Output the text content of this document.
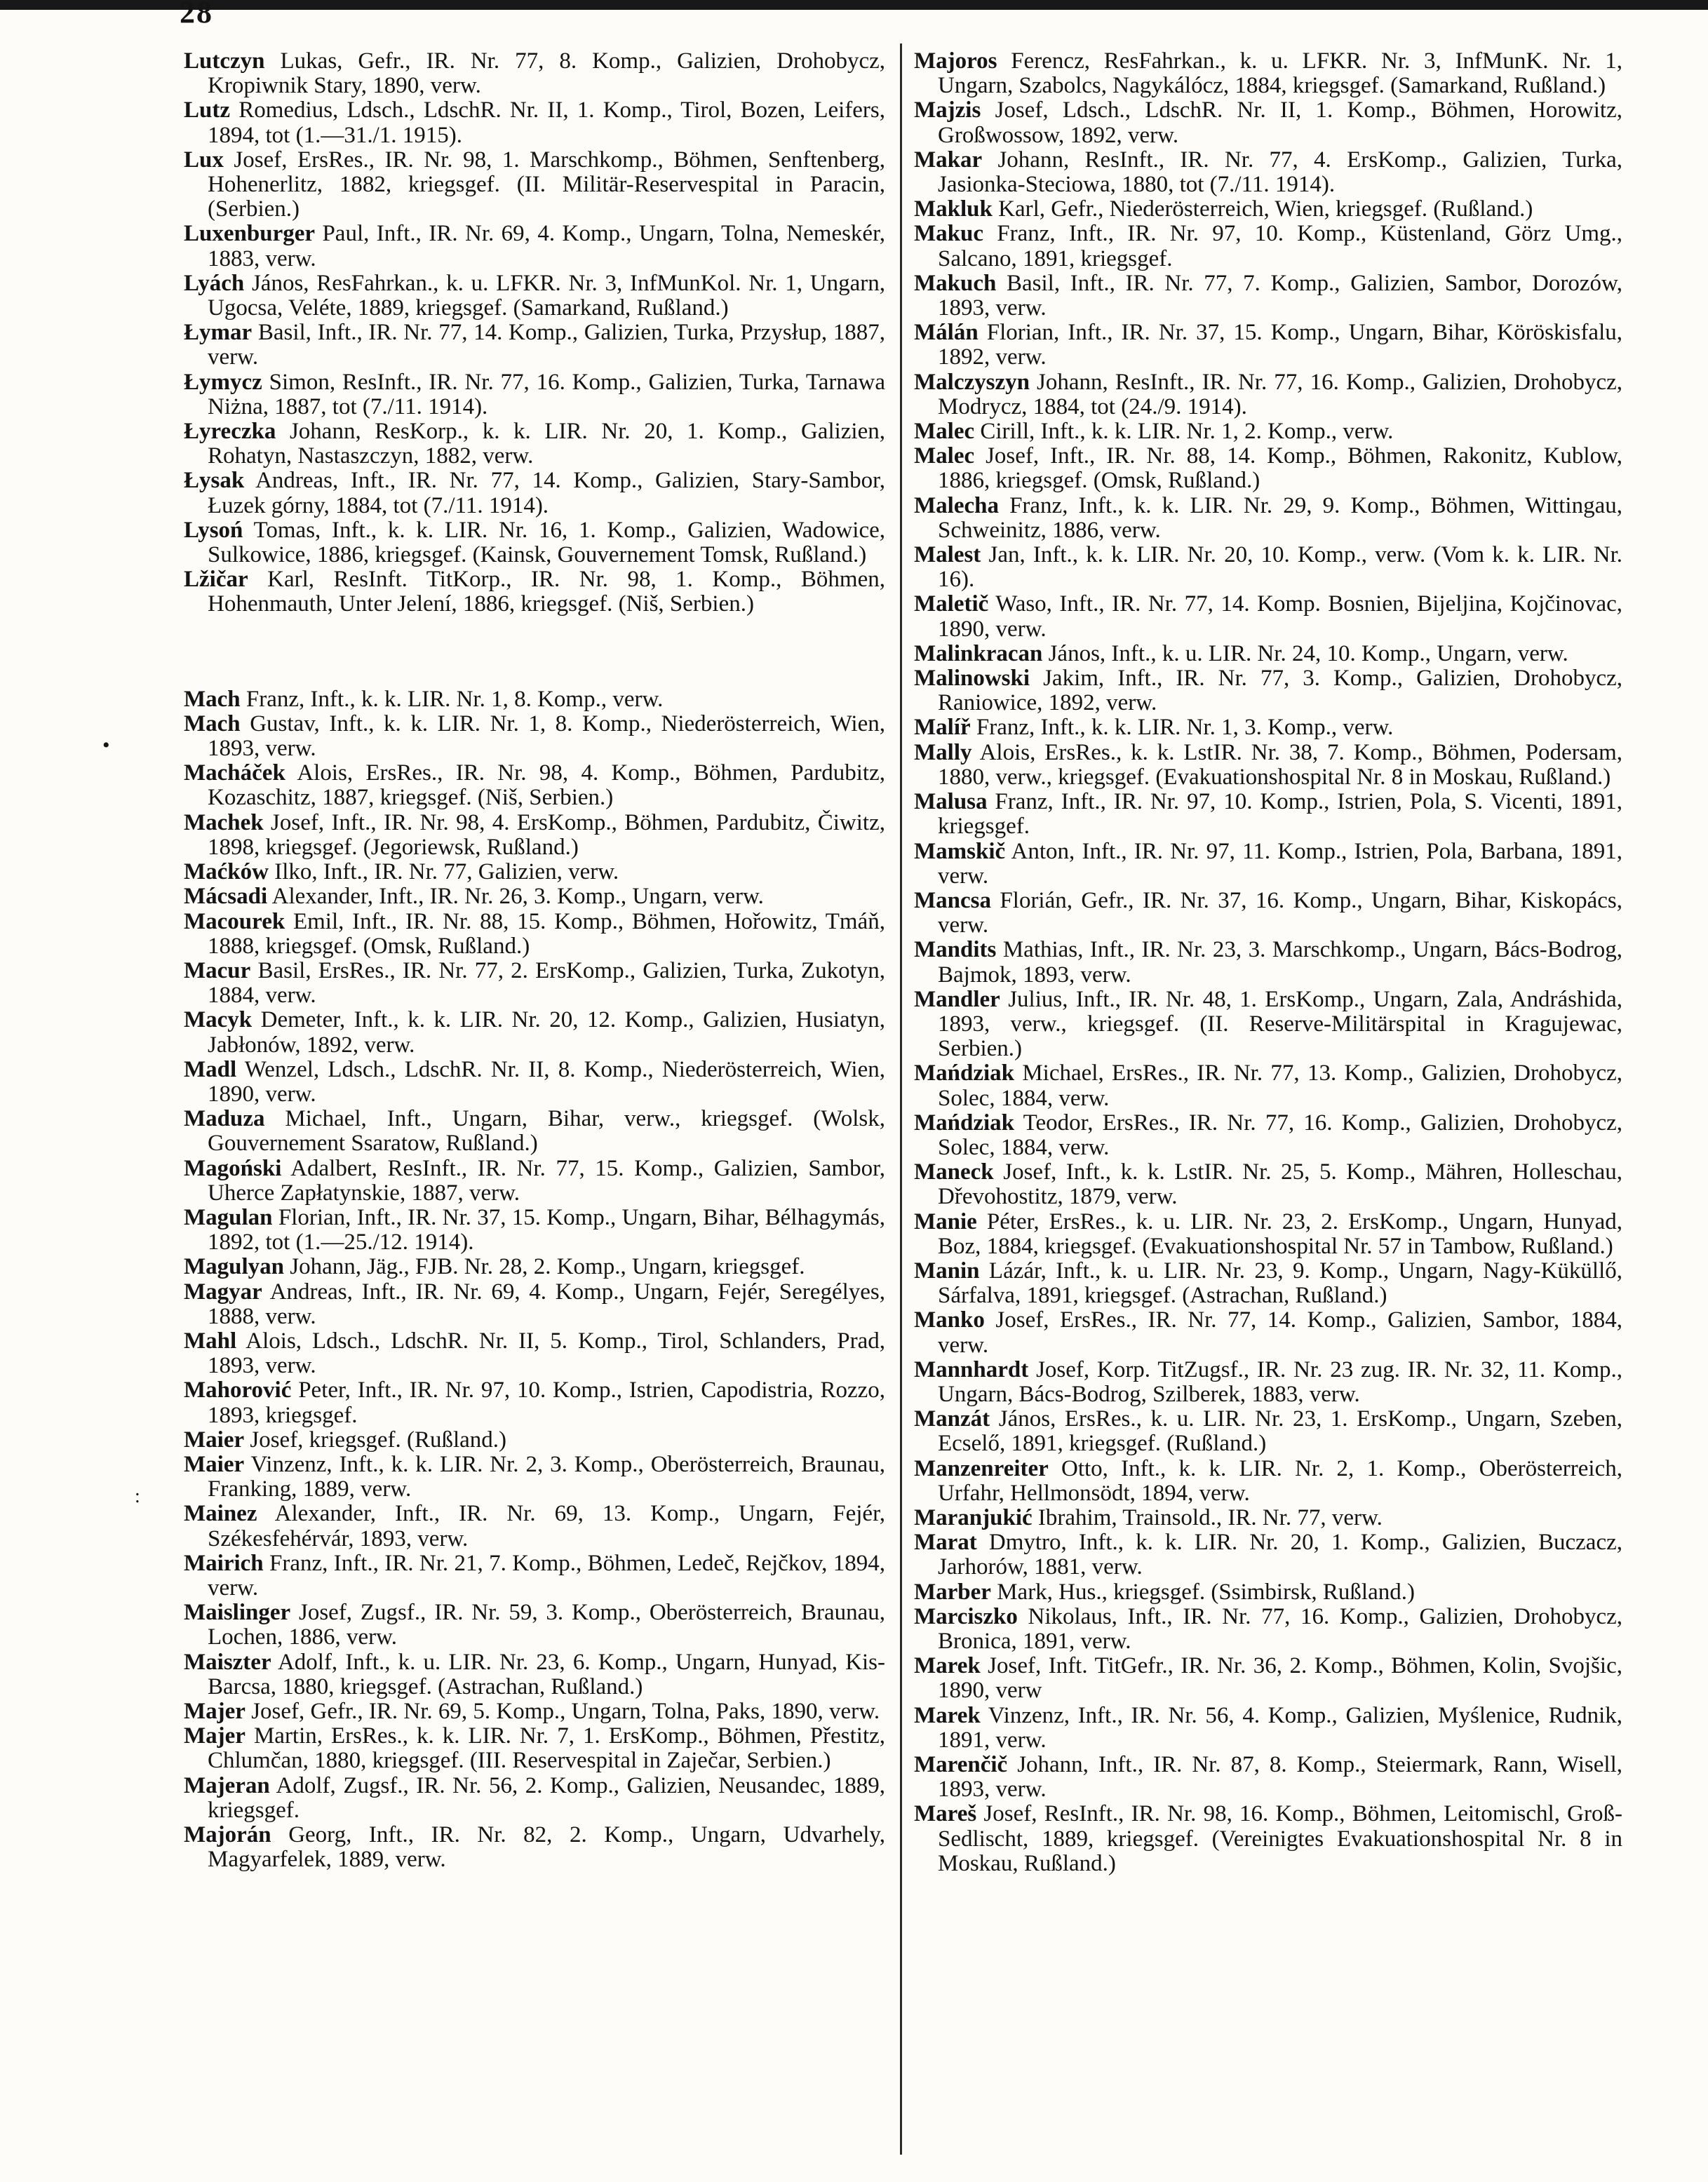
28

Lutczyn Lukas, Gefr., IR. Nr. 77, 8. Komp., Galizien, Drohobycz, Kropiwnik Stary, 1890, verw.

Lutz Romedius, Ldsch., LdschR. Nr. II, 1. Komp., Tirol, Bozen, Leifers, 1894, tot (1.—31./1. 1915).

Lux Josef, ErsRes., IR. Nr. 98, 1. Marschkomp., Böhmen, Senftenberg, Hohenerlitz, 1882, kriegsgef. (II. Militär-Reservespital in Paracin, (Serbien.)

Luxenburger Paul, Inft., IR. Nr. 69, 4. Komp., Ungarn, Tolna, Nemeskér, 1883, verw.

Lyách János, ResFahrkan., k. u. LFKR. Nr. 3, InfMunKol. Nr. 1, Ungarn, Ugocsa, Veléte, 1889, kriegsgef. (Samarkand, Rußland.)

Łymar Basil, Inft., IR. Nr. 77, 14. Komp., Galizien, Turka, Przysłup, 1887, verw.

Łymycz Simon, ResInft., IR. Nr. 77, 16. Komp., Galizien, Turka, Tarnawa Niżna, 1887, tot (7./11. 1914).

Łyreczka Johann, ResKorp., k. k. LIR. Nr. 20, 1. Komp., Galizien, Rohatyn, Nastaszczyn, 1882, verw.

Łysak Andreas, Inft., IR. Nr. 77, 14. Komp., Galizien, Stary-Sambor, Łuzek górny, 1884, tot (7./11. 1914).

Lysoń Tomas, Inft., k. k. LIR. Nr. 16, 1. Komp., Galizien, Wadowice, Sulkowice, 1886, kriegsgef. (Kainsk, Gouvernement Tomsk, Rußland.)

Lžičar Karl, ResInft. TitKorp., IR. Nr. 98, 1. Komp., Böhmen, Hohenmauth, Unter Jelení, 1886, kriegsgef. (Niš, Serbien.)

Mach Franz, Inft., k. k. LIR. Nr. 1, 8. Komp., verw.

Mach Gustav, Inft., k. k. LIR. Nr. 1, 8. Komp., Niederösterreich, Wien, 1893, verw.

Macháček Alois, ErsRes., IR. Nr. 98, 4. Komp., Böhmen, Pardubitz, Kozaschitz, 1887, kriegsgef. (Niš, Serbien.)

Machek Josef, Inft., IR. Nr. 98, 4. ErsKomp., Böhmen, Pardubitz, Čiwitz, 1898, kriegsgef. (Jegoriewsk, Rußland.)

Maćków Ilko, Inft., IR. Nr. 77, Galizien, verw.

Mácsadi Alexander, Inft., IR. Nr. 26, 3. Komp., Ungarn, verw.

Macourek Emil, Inft., IR. Nr. 88, 15. Komp., Böhmen, Hořowitz, Tmáň, 1888, kriegsgef. (Omsk, Rußland.)

Macur Basil, ErsRes., IR. Nr. 77, 2. ErsKomp., Galizien, Turka, Zukotyn, 1884, verw.

Macyk Demeter, Inft., k. k. LIR. Nr. 20, 12. Komp., Galizien, Husiatyn, Jabłonów, 1892, verw.

Madl Wenzel, Ldsch., LdschR. Nr. II, 8. Komp., Niederösterreich, Wien, 1890, verw.

Maduza Michael, Inft., Ungarn, Bihar, verw., kriegsgef. (Wolsk, Gouvernement Ssaratow, Rußland.)

Magoński Adalbert, ResInft., IR. Nr. 77, 15. Komp., Galizien, Sambor, Uherce Zapłatynskie, 1887, verw.

Magulan Florian, Inft., IR. Nr. 37, 15. Komp., Ungarn, Bihar, Bélhagymás, 1892, tot (1.—25./12. 1914).

Magulyan Johann, Jäg., FJB. Nr. 28, 2. Komp., Ungarn, kriegsgef.

Magyar Andreas, Inft., IR. Nr. 69, 4. Komp., Ungarn, Fejér, Seregélyes, 1888, verw.

Mahl Alois, Ldsch., LdschR. Nr. II, 5. Komp., Tirol, Schlanders, Prad, 1893, verw.

Mahorović Peter, Inft., IR. Nr. 97, 10. Komp., Istrien, Capodistria, Rozzo, 1893, kriegsgef.

Maier Josef, kriegsgef. (Rußland.)

Maier Vinzenz, Inft., k. k. LIR. Nr. 2, 3. Komp., Oberösterreich, Braunau, Franking, 1889, verw.

Mainez Alexander, Inft., IR. Nr. 69, 13. Komp., Ungarn, Fejér, Székesfehérvár, 1893, verw.

Mairich Franz, Inft., IR. Nr. 21, 7. Komp., Böhmen, Ledeč, Rejčkov, 1894, verw.

Maislinger Josef, Zugsf., IR. Nr. 59, 3. Komp., Oberösterreich, Braunau, Lochen, 1886, verw.

Maiszter Adolf, Inft., k. u. LIR. Nr. 23, 6. Komp., Ungarn, Hunyad, Kis-Barcsa, 1880, kriegsgef. (Astrachan, Rußland.)

Majer Josef, Gefr., IR. Nr. 69, 5. Komp., Ungarn, Tolna, Paks, 1890, verw.

Majer Martin, ErsRes., k. k. LIR. Nr. 7, 1. ErsKomp., Böhmen, Přestitz, Chlumčan, 1880, kriegsgef. (III. Reservespital in Zaječar, Serbien.)

Majeran Adolf, Zugsf., IR. Nr. 56, 2. Komp., Galizien, Neusandec, 1889, kriegsgef.

Majorán Georg, Inft., IR. Nr. 82, 2. Komp., Ungarn, Udvarhely, Magyarfelek, 1889, verw.

Majoros Ferencz, ResFahrkan., k. u. LFKR. Nr. 3, InfMunK. Nr. 1, Ungarn, Szabolcs, Nagykálócz, 1884, kriegsgef. (Samarkand, Rußland.)

Majzis Josef, Ldsch., LdschR. Nr. II, 1. Komp., Böhmen, Horowitz, Großwossow, 1892, verw.

Makar Johann, ResInft., IR. Nr. 77, 4. ErsKomp., Galizien, Turka, Jasionka-Steciowa, 1880, tot (7./11. 1914).

Makluk Karl, Gefr., Niederösterreich, Wien, kriegsgef. (Rußland.)

Makuc Franz, Inft., IR. Nr. 97, 10. Komp., Küstenland, Görz Umg., Salcano, 1891, kriegsgef.

Makuch Basil, Inft., IR. Nr. 77, 7. Komp., Galizien, Sambor, Dorozów, 1893, verw.

Málán Florian, Inft., IR. Nr. 37, 15. Komp., Ungarn, Bihar, Köröskisfalu, 1892, verw.

Malczyszyn Johann, ResInft., IR. Nr. 77, 16. Komp., Galizien, Drohobycz, Modrycz, 1884, tot (24./9. 1914).

Malec Cirill, Inft., k. k. LIR. Nr. 1, 2. Komp., verw.

Malec Josef, Inft., IR. Nr. 88, 14. Komp., Böhmen, Rakonitz, Kublow, 1886, kriegsgef. (Omsk, Rußland.)

Malecha Franz, Inft., k. k. LIR. Nr. 29, 9. Komp., Böhmen, Wittingau, Schweinitz, 1886, verw.

Malest Jan, Inft., k. k. LIR. Nr. 20, 10. Komp., verw. (Vom k. k. LIR. Nr. 16).

Maletič Waso, Inft., IR. Nr. 77, 14. Komp. Bosnien, Bijeljina, Kojčinovac, 1890, verw.

Malinkracan János, Inft., k. u. LIR. Nr. 24, 10. Komp., Ungarn, verw.

Malinowski Jakim, Inft., IR. Nr. 77, 3. Komp., Galizien, Drohobycz, Raniowice, 1892, verw.

Malíř Franz, Inft., k. k. LIR. Nr. 1, 3. Komp., verw.

Mally Alois, ErsRes., k. k. LstIR. Nr. 38, 7. Komp., Böhmen, Podersam, 1880, verw., kriegsgef. (Evakuationshospital Nr. 8 in Moskau, Rußland.)

Malusa Franz, Inft., IR. Nr. 97, 10. Komp., Istrien, Pola, S. Vicenti, 1891, kriegsgef.

Mamskič Anton, Inft., IR. Nr. 97, 11. Komp., Istrien, Pola, Barbana, 1891, verw.

Mancsa Florián, Gefr., IR. Nr. 37, 16. Komp., Ungarn, Bihar, Kiskopács, verw.

Mandits Mathias, Inft., IR. Nr. 23, 3. Marschkomp., Ungarn, Bács-Bodrog, Bajmok, 1893, verw.

Mandler Julius, Inft., IR. Nr. 48, 1. ErsKomp., Ungarn, Zala, Andráshida, 1893, verw., kriegsgef. (II. Reserve-Militärspital in Kragujewac, Serbien.)

Mańdziak Michael, ErsRes., IR. Nr. 77, 13. Komp., Galizien, Drohobycz, Solec, 1884, verw.

Mańdziak Teodor, ErsRes., IR. Nr. 77, 16. Komp., Galizien, Drohobycz, Solec, 1884, verw.

Maneck Josef, Inft., k. k. LstIR. Nr. 25, 5. Komp., Mähren, Holleschau, Dřevohostitz, 1879, verw.

Manie Péter, ErsRes., k. u. LIR. Nr. 23, 2. ErsKomp., Ungarn, Hunyad, Boz, 1884, kriegsgef. (Evakuationshospital Nr. 57 in Tambow, Rußland.)

Manin Lázár, Inft., k. u. LIR. Nr. 23, 9. Komp., Ungarn, Nagy-Küküllő, Sárfalva, 1891, kriegsgef. (Astrachan, Rußland.)

Manko Josef, ErsRes., IR. Nr. 77, 14. Komp., Galizien, Sambor, 1884, verw.

Mannhardt Josef, Korp. TitZugsf., IR. Nr. 23 zug. IR. Nr. 32, 11. Komp., Ungarn, Bács-Bodrog, Szilberek, 1883, verw.

Manzát János, ErsRes., k. u. LIR. Nr. 23, 1. ErsKomp., Ungarn, Szeben, Ecselő, 1891, kriegsgef. (Rußland.)

Manzenreiter Otto, Inft., k. k. LIR. Nr. 2, 1. Komp., Oberösterreich, Urfahr, Hellmonsödt, 1894, verw.

Maranjukić Ibrahim, Trainsold., IR. Nr. 77, verw.

Marat Dmytro, Inft., k. k. LIR. Nr. 20, 1. Komp., Galizien, Buczacz, Jarhorów, 1881, verw.

Marber Mark, Hus., kriegsgef. (Ssimbirsk, Rußland.)

Marciszko Nikolaus, Inft., IR. Nr. 77, 16. Komp., Galizien, Drohobycz, Bronica, 1891, verw.

Marek Josef, Inft. TitGefr., IR. Nr. 36, 2. Komp., Böhmen, Kolin, Svojšic, 1890, verw

Marek Vinzenz, Inft., IR. Nr. 56, 4. Komp., Galizien, Myślenice, Rudnik, 1891, verw.

Marenčič Johann, Inft., IR. Nr. 87, 8. Komp., Steiermark, Rann, Wisell, 1893, verw.

Mareš Josef, ResInft., IR. Nr. 98, 16. Komp., Böhmen, Leitomischl, Groß-Sedlischt, 1889, kriegsgef. (Vereinigtes Evakuationshospital Nr. 8 in Moskau, Rußland.)

•
:
